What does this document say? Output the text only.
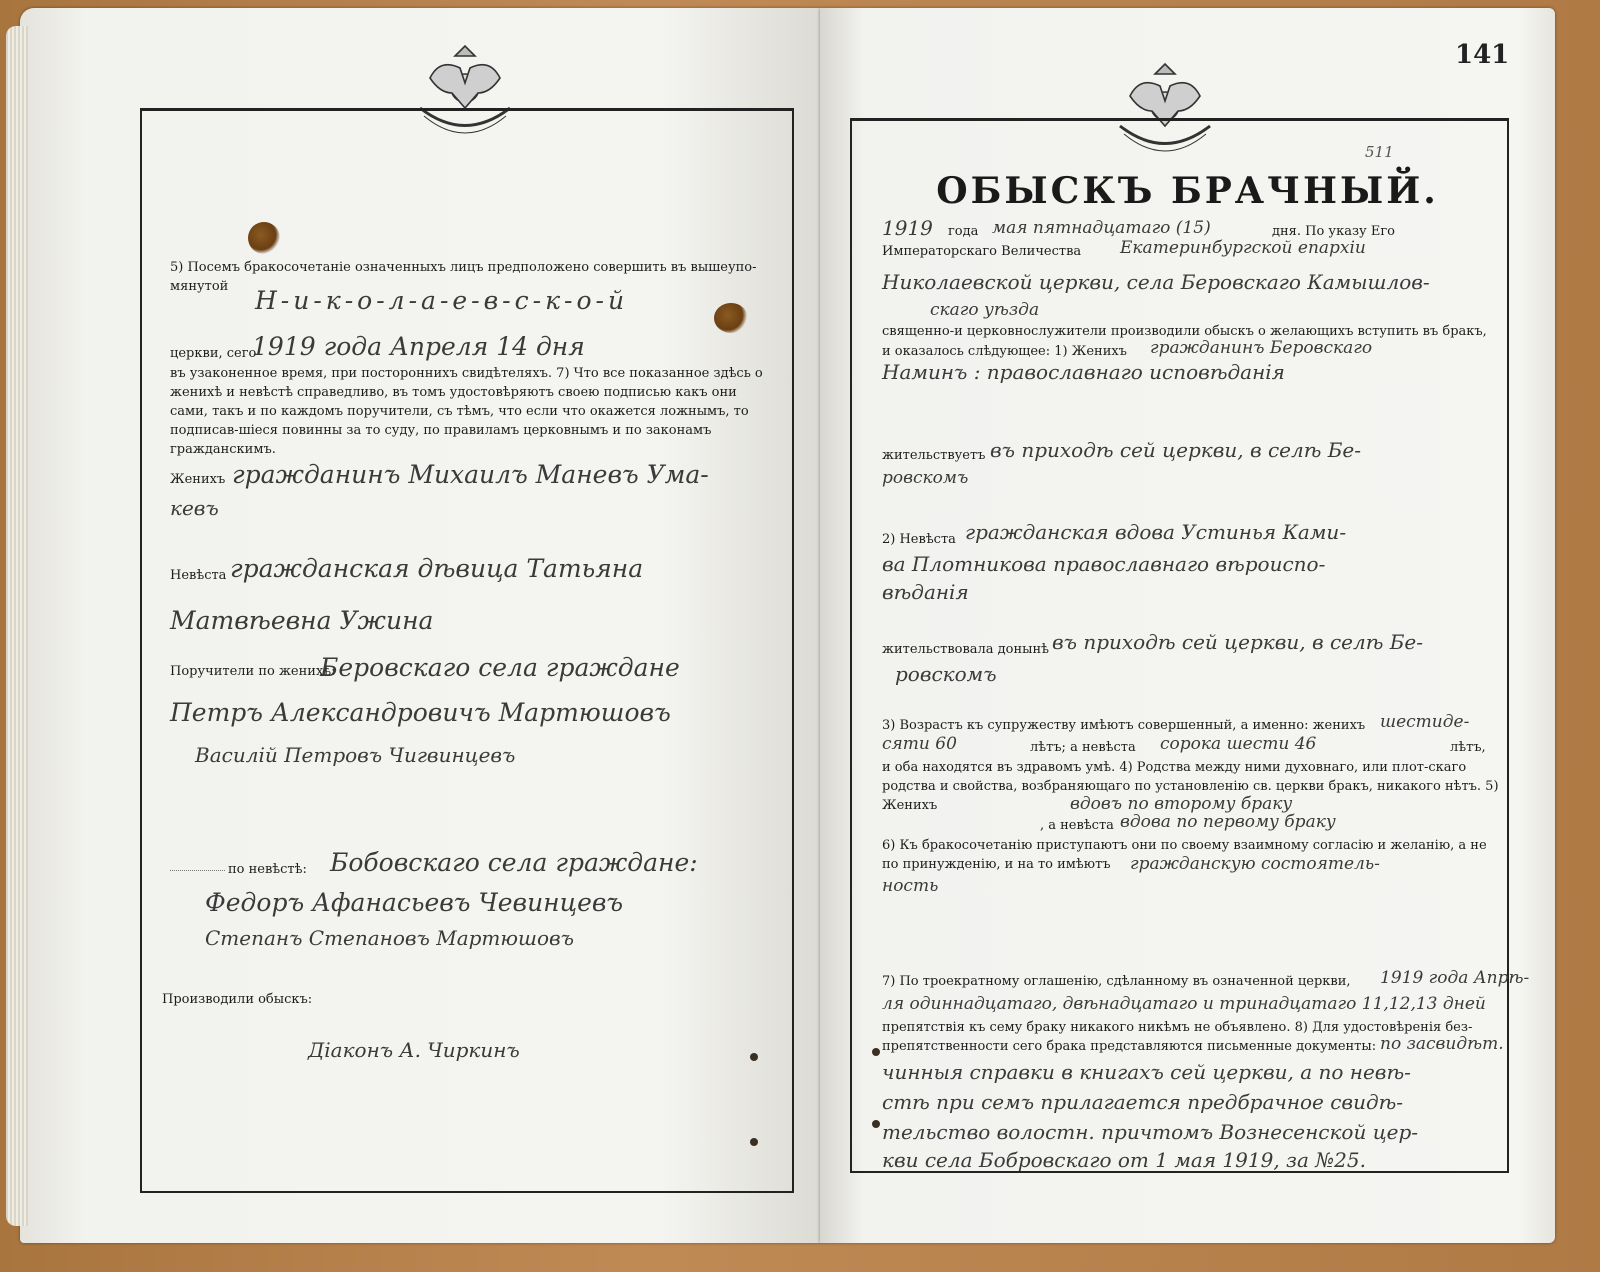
5) Посемъ бракосочетаніе означенныхъ лицъ предположено совершить въ вышеупо-мянутой	Н-и-к-о-л-а-е-в-с-к-о-й
церкви, сего
1919 года Апреля 14 дня
въ узаконенное время, при постороннихъ свидѣтеляхъ. 7) Что все показанное здѣсь о женихѣ и невѣстѣ справедливо, въ томъ удостовѣряютъ своею подписью какъ они сами, такъ и по каждомъ поручители, съ тѣмъ, что если что окажется ложнымъ, то подписав-шіеся повинны за то суду, по правиламъ церковнымъ и по законамъ гражданскимъ.
Женихъ гражданинъ Михаилъ Маневъ Ума-
кевъ
Невѣста гражданская дѣвица Татьяна
Матвѣевна Ужина
Поручители по женихѣ:
Беровскаго села граждане
Петръ Александровичъ Мартюшовъ
Василій Петровъ Чигвинцевъ
по невѣстѣ: Бобовскаго села граждане:
Федоръ Афанасьевъ Чевинцевъ
Степанъ Степановъ Мартюшовъ
Производили обыскъ:
Діаконъ А. Чиркинъ
141
511
ОБЫСКЪ БРАЧНЫЙ.
1919 года мая пятнадцатаго (15)	дня. По указу Его
Императорскаго Величества Екатеринбургской епархіи
Николаевской церкви, села Беровскаго Камышлов-
скаго уѣзда
священно-и церковнослужители производили обыскъ о желающихъ вступить въ бракъ,
и оказалось слѣдующее: 1) Женихъ гражданинъ Беровскаго
Наминъ : православнаго исповѣданія
жительствуетъ въ приходѣ сей церкви, в селѣ Бе-
ровскомъ
2) Невѣста гражданская вдова Устинья Ками-
ва Плотникова православнаго вѣроиспо-
вѣданія
жительствовала донынѣ въ приходѣ сей церкви, в селѣ Бе-
ровскомъ
3) Возрастъ къ супружеству имѣютъ совершенный, а именно: женихъ шестиде-
сяти 60	лѣтъ; а невѣста сорока шести 46	лѣтъ,
и оба находятся въ здравомъ умѣ. 4) Родства между ними духовнаго, или плот-скаго родства и свойства, возбраняющаго по установленію св. церкви бракъ, никакого нѣтъ. 5) Женихъ	вдовъ по второму браку
, а невѣста вдова по первому браку
6) Къ бракосочетанію приступаютъ они по своему взаимному согласію и желанію, а не по принужденію, и на то имѣютъ	гражданскую состоятель-
ность
7) По троекратному оглашенію, сдѣланному въ означенной церкви, 1919 года Апрѣ-
ля одиннадцатаго, двѣнадцатаго и тринадцатаго 11,12,13 дней
препятствія къ сему браку никакого никѣмъ не объявлено. 8) Для удостовѣренія без-препятственности сего брака представляются письменные документы: по засвидѣт.
чинныя справки в книгахъ сей церкви, а по невѣ-
стѣ при семъ прилагается предбрачное свидѣ-
тельство волостн. причтомъ Вознесенской цер-
кви села Бобровскаго от 1 мая 1919, за №25.
